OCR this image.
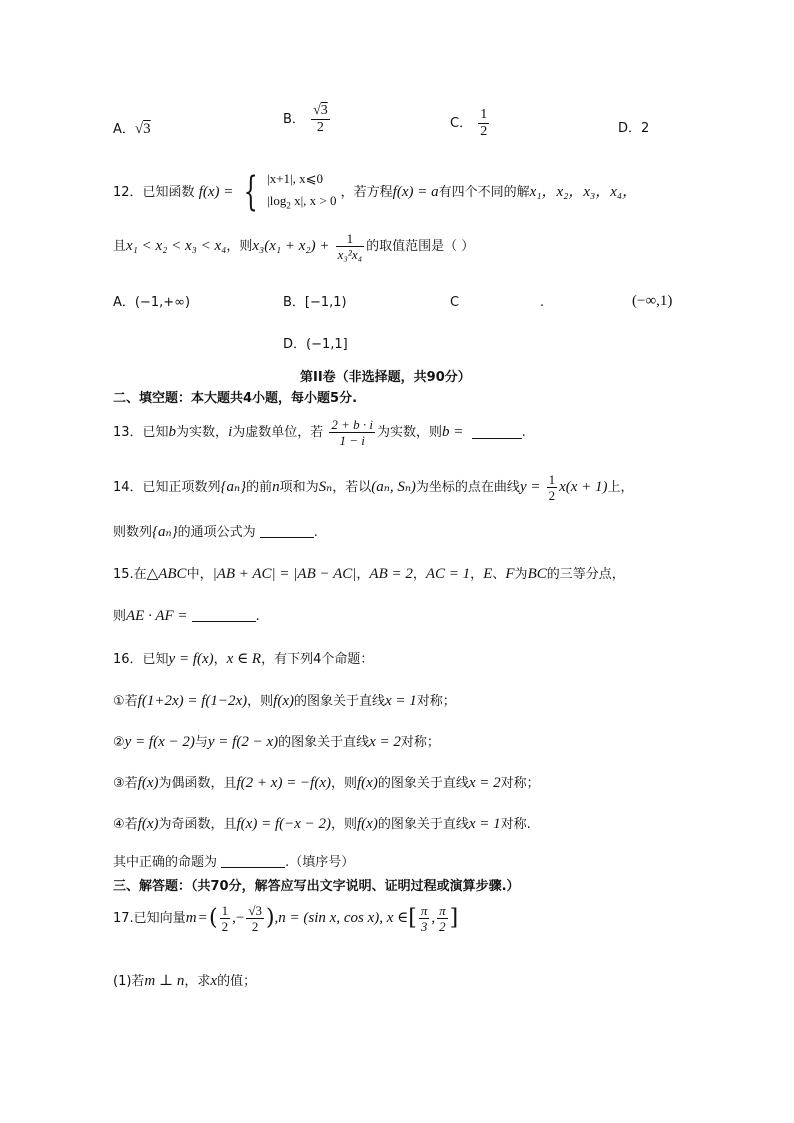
A．√3
B． $\frac{√3}{2}$	C． $\frac{1}{2}$	D．2
12．已知函数 f(x) = { |x+1|, x⩽0
$|\log_2$ x|, x > 0
，若方程f(x) = a有四个不同的解x₁，x₂，x₃，x₄，
且x₁ < x₂ < x₃ < x₄，则$x_3(x_1 + x_2) + \frac{1}{\text{x₃²x₄}}$ 的取值范围是（ ）
A．(−1,+∞)	B．[−1,1)	C	.	(−∞,1)
D．(−1,1]
第II卷（非选择题，共90分）
二、填空题：本大题共4小题，每小题5分.
13．已知b为实数，i为虚数单位，若 $\frac{2 + b \cdot i}{1 - i}$ 为实数，则b =	.
14．已知正项数列{aₙ}的前n项和为Sₙ，若以(aₙ, Sₙ)为坐标的点在曲线$y = \frac{1}{2} x(x + 1)$上，
则数列{aₙ}的通项公式为	.
15.在△ABC中，|AB + AC| = |AB − AC|，AB = 2，AC = 1，E、F为BC的三等分点，
则AE · AF =	.
16．已知y = f(x)，x ∈ R，有下列4个命题：
①若f(1+2x) = f(1−2x)，则f(x)的图象关于直线x = 1对称；
②y = f(x − 2)与y = f(2 − x)的图象关于直线x = 2对称；
③若f(x)为偶函数，且f(2 + x) = −f(x)，则f(x)的图象关于直线x = 2对称；
④若f(x)为奇函数，且f(x) = f(−x − 2)，则f(x)的图象关于直线x = 1对称.
其中正确的命题为	.（填序号）
三、解答题：（共70分，解答应写出文字说明、证明过程或演算步骤.）
17.已知向量m =( $\frac{1}{2}$ ,− $\frac{√3}{2} ),n = (\sin$ x, cos x), x ∈[ $\frac{\pi}{3}$ , $\frac{\pi}{2}$ ]
(1)若m ⊥ n，求x的值；
